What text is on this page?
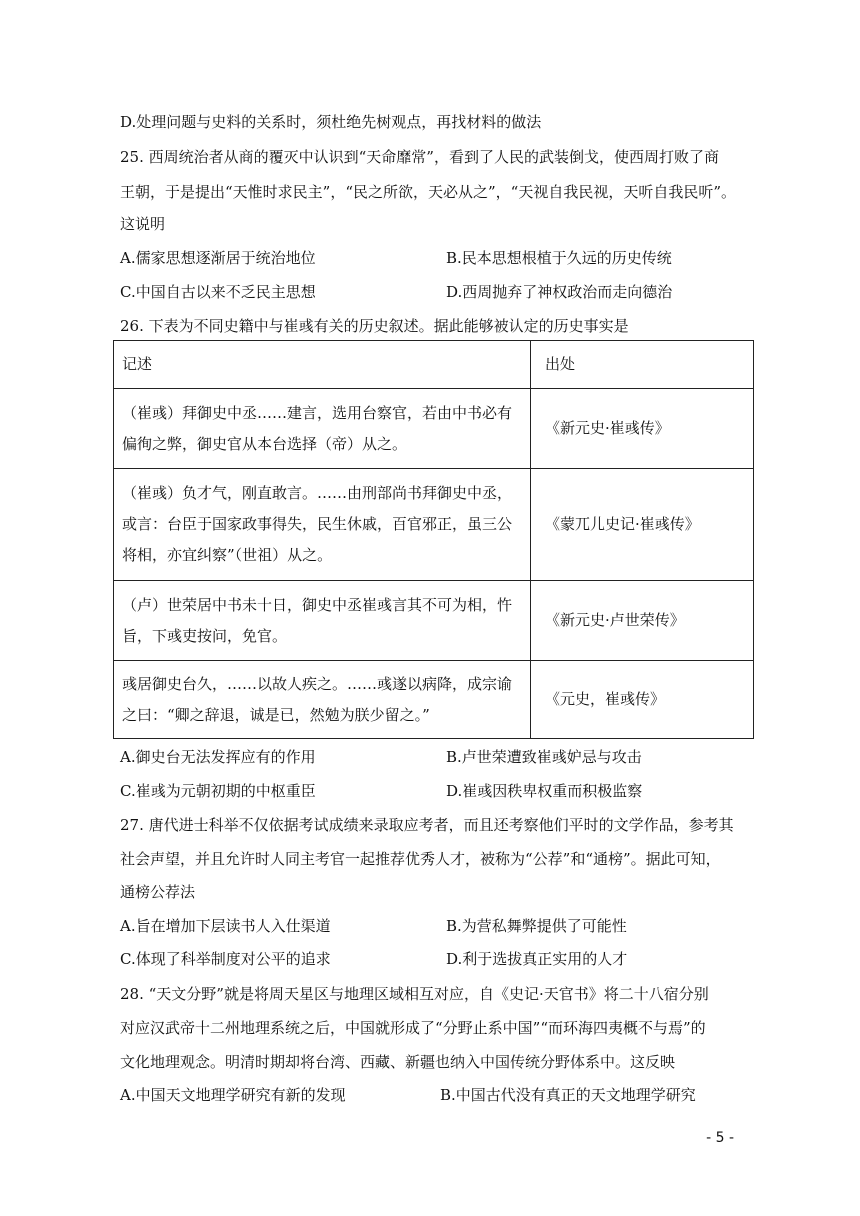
D.处理问题与史料的关系时，须杜绝先树观点，再找材料的做法
25. 西周统治者从商的覆灭中认识到“天命靡常”，看到了人民的武装倒戈，使西周打败了商
王朝，于是提出“天惟时求民主”，“民之所欲，天必从之”，“天视自我民视，天听自我民听”。
这说明
A.儒家思想逐渐居于统治地位	B.民本思想根植于久远的历史传统
C.中国自古以来不乏民主思想	D.西周抛弃了神权政治而走向德治
26. 下表为不同史籍中与崔彧有关的历史叙述。据此能够被认定的历史事实是
记述	出处

（崔彧）拜御史中丞……建言，选用台察官，若由中书必有
偏徇之弊，御史官从本台选择（帝）从之。	《新元史·崔彧传》

（崔彧）负才气，刚直敢言。……由刑部尚书拜御史中丞，
或言：台臣于国家政事得失，民生休戚，百官邪正，虽三公
将相，亦宜纠察”（世祖）从之。	《蒙兀儿史记·崔彧传》

（卢）世荣居中书未十日，御史中丞崔彧言其不可为相，忤
旨，下彧吏按问，免官。	《新元史·卢世荣传》

彧居御史台久，……以故人疾之。……彧遂以病降，成宗谕
之曰：“卿之辞退，诚是已，然勉为朕少留之。”	《元史，崔彧传》
A.御史台无法发挥应有的作用	B.卢世荣遭致崔彧妒忌与攻击
C.崔彧为元朝初期的中枢重臣	D.崔彧因秩卑权重而积极监察
27. 唐代进士科举不仅依据考试成绩来录取应考者，而且还考察他们平时的文学作品，参考其
社会声望，并且允许时人同主考官一起推荐优秀人才，被称为“公荐”和“通榜”。据此可知，
通榜公荐法
A.旨在增加下层读书人入仕渠道	B.为营私舞弊提供了可能性
C.体现了科举制度对公平的追求	D.利于选拔真正实用的人才
28. “天文分野”就是将周天星区与地理区域相互对应，自《史记·天官书》将二十八宿分别
对应汉武帝十二州地理系统之后，中国就形成了“分野止系中国”“而环海四夷概不与焉”的
文化地理观念。明清时期却将台湾、西藏、新疆也纳入中国传统分野体系中。这反映
A.中国天文地理学研究有新的发现	B.中国古代没有真正的天文地理学研究
- 5 -
